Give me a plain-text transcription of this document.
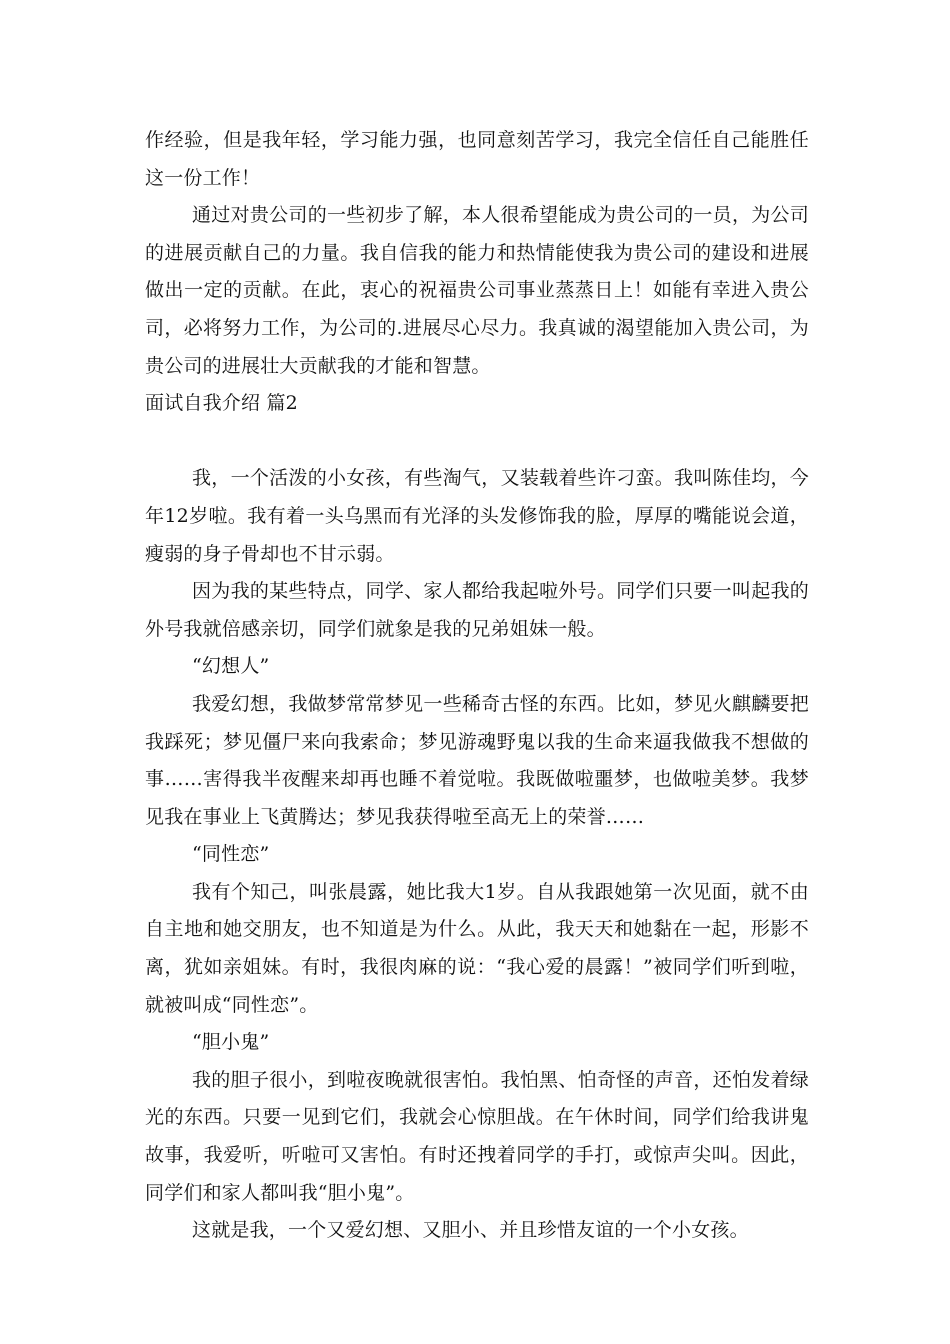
作经验，但是我年轻，学习能力强，也同意刻苦学习，我完全信任自己能胜任这一份工作！

通过对贵公司的一些初步了解，本人很希望能成为贵公司的一员，为公司的进展贡献自己的力量。我自信我的能力和热情能使我为贵公司的建设和进展做出一定的贡献。在此，衷心的祝福贵公司事业蒸蒸日上！如能有幸进入贵公司，必将努力工作，为公司的.进展尽心尽力。我真诚的渴望能加入贵公司，为贵公司的进展壮大贡献我的才能和智慧。

面试自我介绍 篇2

我，一个活泼的小女孩，有些淘气，又装载着些许刁蛮。我叫陈佳均，今年12岁啦。我有着一头乌黑而有光泽的头发修饰我的脸，厚厚的嘴能说会道，瘦弱的身子骨却也不甘示弱。

因为我的某些特点，同学、家人都给我起啦外号。同学们只要一叫起我的外号我就倍感亲切，同学们就象是我的兄弟姐妹一般。

“幻想人”

我爱幻想，我做梦常常梦见一些稀奇古怪的东西。比如，梦见火麒麟要把我踩死；梦见僵尸来向我索命；梦见游魂野鬼以我的生命来逼我做我不想做的事……害得我半夜醒来却再也睡不着觉啦。我既做啦噩梦，也做啦美梦。我梦见我在事业上飞黄腾达；梦见我获得啦至高无上的荣誉……

“同性恋”

我有个知己，叫张晨露，她比我大1岁。自从我跟她第一次见面，就不由自主地和她交朋友，也不知道是为什么。从此，我天天和她黏在一起，形影不离，犹如亲姐妹。有时，我很肉麻的说：“我心爱的晨露！”被同学们听到啦，就被叫成“同性恋”。

“胆小鬼”

我的胆子很小，到啦夜晚就很害怕。我怕黑、怕奇怪的声音，还怕发着绿光的东西。只要一见到它们，我就会心惊胆战。在午休时间，同学们给我讲鬼故事，我爱听，听啦可又害怕。有时还拽着同学的手打，或惊声尖叫。因此，同学们和家人都叫我“胆小鬼”。

这就是我，一个又爱幻想、又胆小、并且珍惜友谊的一个小女孩。
